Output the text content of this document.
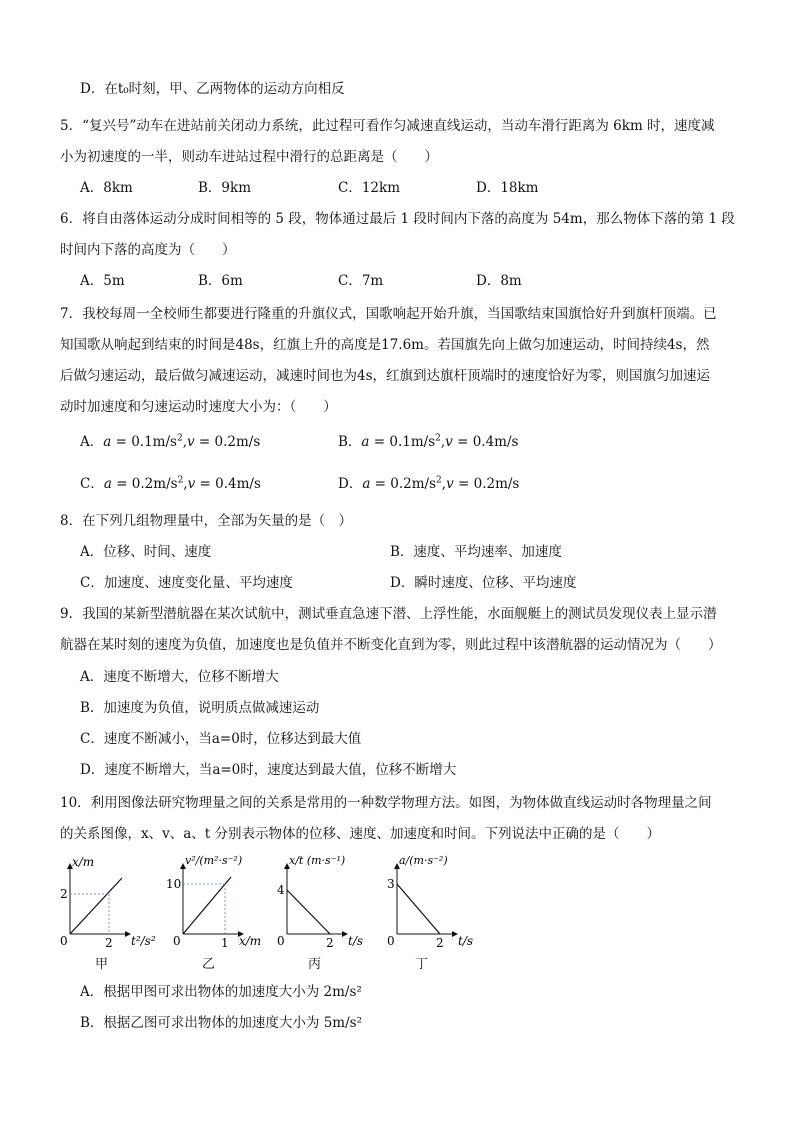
D．在t₀时刻，甲、乙两物体的运动方向相反
5．“复兴号”动车在进站前关闭动力系统，此过程可看作匀减速直线运动，当动车滑行距离为 6km 时，速度减
小为初速度的一半，则动车进站过程中滑行的总距离是（　　）
A．8km	B．9km	C．12km	D．18km
6．将自由落体运动分成时间相等的 5 段，物体通过最后 1 段时间内下落的高度为 54m，那么物体下落的第 1 段
时间内下落的高度为（　　）
A．5m	B．6m	C．7m	D．8m
7．我校每周一全校师生都要进行隆重的升旗仪式，国歌响起开始升旗，当国歌结束国旗恰好升到旗杆顶端。已
知国歌从响起到结束的时间是48s，红旗上升的高度是17.6m。若国旗先向上做匀加速运动，时间持续4s，然
后做匀速运动，最后做匀减速运动，减速时间也为4s，红旗到达旗杆顶端时的速度恰好为零，则国旗匀加速运
动时加速度和匀速运动时速度大小为：（　　）
A．$a = 0.1m/s^2,v = 0.2m/s$	B．$a = 0.1m/s^2,v = 0.4m/s$
C．$a = 0.2m/s^2,v = 0.4m/s$	D．$a = 0.2m/s^2,v = 0.2m/s$
8．在下列几组物理量中，全部为矢量的是（　）
A．位移、时间、速度	B．速度、平均速率、加速度
C．加速度、速度变化量、平均速度	D．瞬时速度、位移、平均速度
9．我国的某新型潜航器在某次试航中，测试垂直急速下潜、上浮性能，水面舰艇上的测试员发现仪表上显示潜
航器在某时刻的速度为负值，加速度也是负值并不断变化直到为零，则此过程中该潜航器的运动情况为（　　）
A．速度不断增大，位移不断增大
B．加速度为负值，说明质点做减速运动
C．速度不断减小，当a=0时，位移达到最大值
D．速度不断增大，当a=0时，速度达到最大值，位移不断增大
10．利用图像法研究物理量之间的关系是常用的一种数学物理方法。如图，为物体做直线运动时各物理量之间
的关系图像，x、v、a、t 分别表示物体的位移、速度、加速度和时间。下列说法中正确的是（　　）
x/m
t²/s²
2
2
0
甲
v²/(m²·s⁻²)
x/m
10
1
0
乙
x/t (m·s⁻¹)
t/s
4
2
0
丙
a/(m·s⁻²)
t/s
3
2
0
丁
A．根据甲图可求出物体的加速度大小为 2m/s²
B．根据乙图可求出物体的加速度大小为 5m/s²
